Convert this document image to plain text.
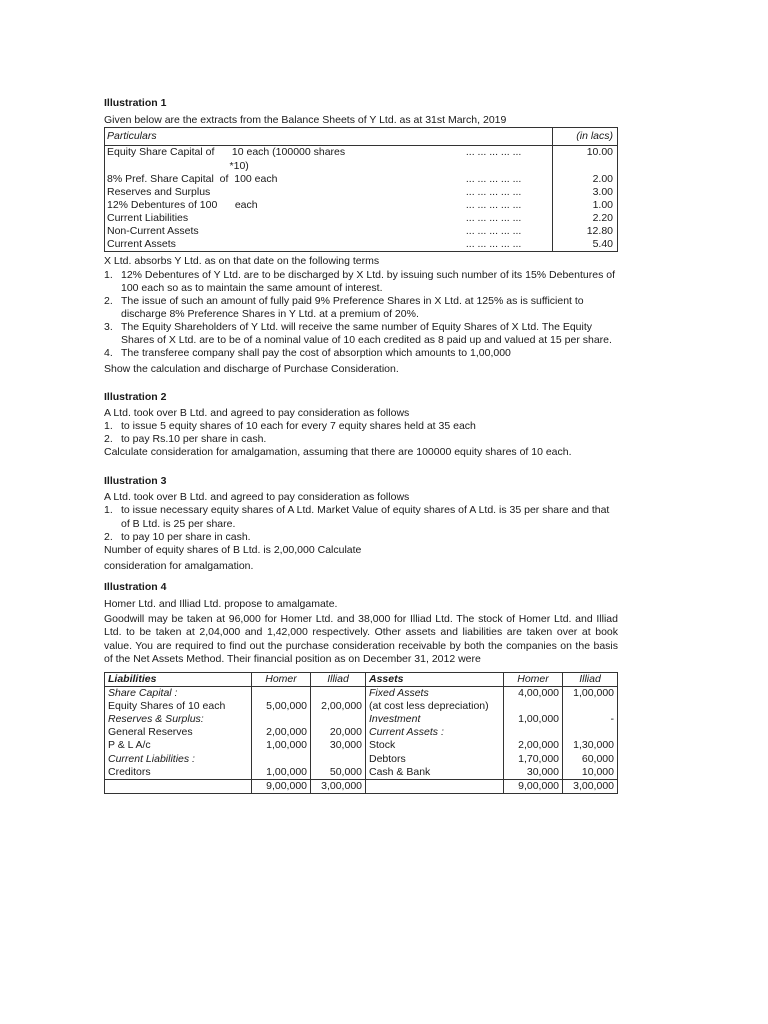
Illustration 1

Given below are the extracts from the Balance Sheets of Y Ltd. as at 31st March, 2019

Particulars		(in lacs)
Equity Share Capital of      10 each (100000 shares	... ... ... ... ...	10.00
*10)		
8% Pref. Share Capital  of  100 each	... ... ... ... ...	2.00
Reserves and Surplus	... ... ... ... ...	3.00
12% Debentures of 100      each	... ... ... ... ...	1.00
Current Liabilities	... ... ... ... ...	2.20
Non-Current Assets	... ... ... ... ...	12.80
Current Assets	... ... ... ... ...	5.40

X Ltd. absorbs Y Ltd. as on that date on the following terms

1. 12% Debentures of Y Ltd. are to be discharged by X Ltd. by issuing such number of its 15% Debentures of 100 each so as to maintain the same amount of interest.
2. The issue of such an amount of fully paid 9% Preference Shares in X Ltd. at 125% as is sufficient to discharge 8% Preference Shares in Y Ltd. at a premium of 20%.
3. The Equity Shareholders of Y Ltd. will receive the same number of Equity Shares of X Ltd. The Equity Shares of X Ltd. are to be of a nominal value of 10 each credited as 8 paid up and valued at 15 per share.
4. The transferee company shall pay the cost of absorption which amounts to 1,00,000

Show the calculation and discharge of Purchase Consideration.

Illustration 2

A Ltd. took over B Ltd. and agreed to pay consideration as follows

1. to issue 5 equity shares of 10 each for every 7 equity shares held at 35 each
2. to pay Rs.10 per share in cash.

Calculate consideration for amalgamation, assuming that there are 100000 equity shares of 10 each.

Illustration 3

A Ltd. took over B Ltd. and agreed to pay consideration as follows

1. to issue necessary equity shares of A Ltd. Market Value of equity shares of A Ltd. is 35 per share and that of B Ltd. is 25 per share.
2. to pay 10 per share in cash.

Number of equity shares of B Ltd. is 2,00,000 Calculate

consideration for amalgamation.

Illustration 4

Homer Ltd. and Illiad Ltd. propose to amalgamate.

Goodwill may be taken at 96,000 for Homer Ltd. and 38,000 for Illiad Ltd. The stock of Homer Ltd. and Illiad Ltd. to be taken at 2,04,000 and 1,42,000 respectively. Other assets and liabilities are taken over at book value. You are required to find out the purchase consideration receivable by both the companies on the basis of the Net Assets Method. Their financial position as on December 31, 2012 were

Liabilities	Homer	Illiad	Assets	Homer	Illiad
Share Capital :			Fixed Assets	4,00,000	1,00,000
Equity Shares of 10 each	5,00,000	2,00,000	(at cost less depreciation)		
Reserves & Surplus:			Investment	1,00,000	-
General Reserves	2,00,000	20,000	Current Assets :		
P & L A/c	1,00,000	30,000	Stock	2,00,000	1,30,000
Current Liabilities :			Debtors	1,70,000	60,000
Creditors	1,00,000	50,000	Cash & Bank	30,000	10,000
	9,00,000	3,00,000		9,00,000	3,00,000
